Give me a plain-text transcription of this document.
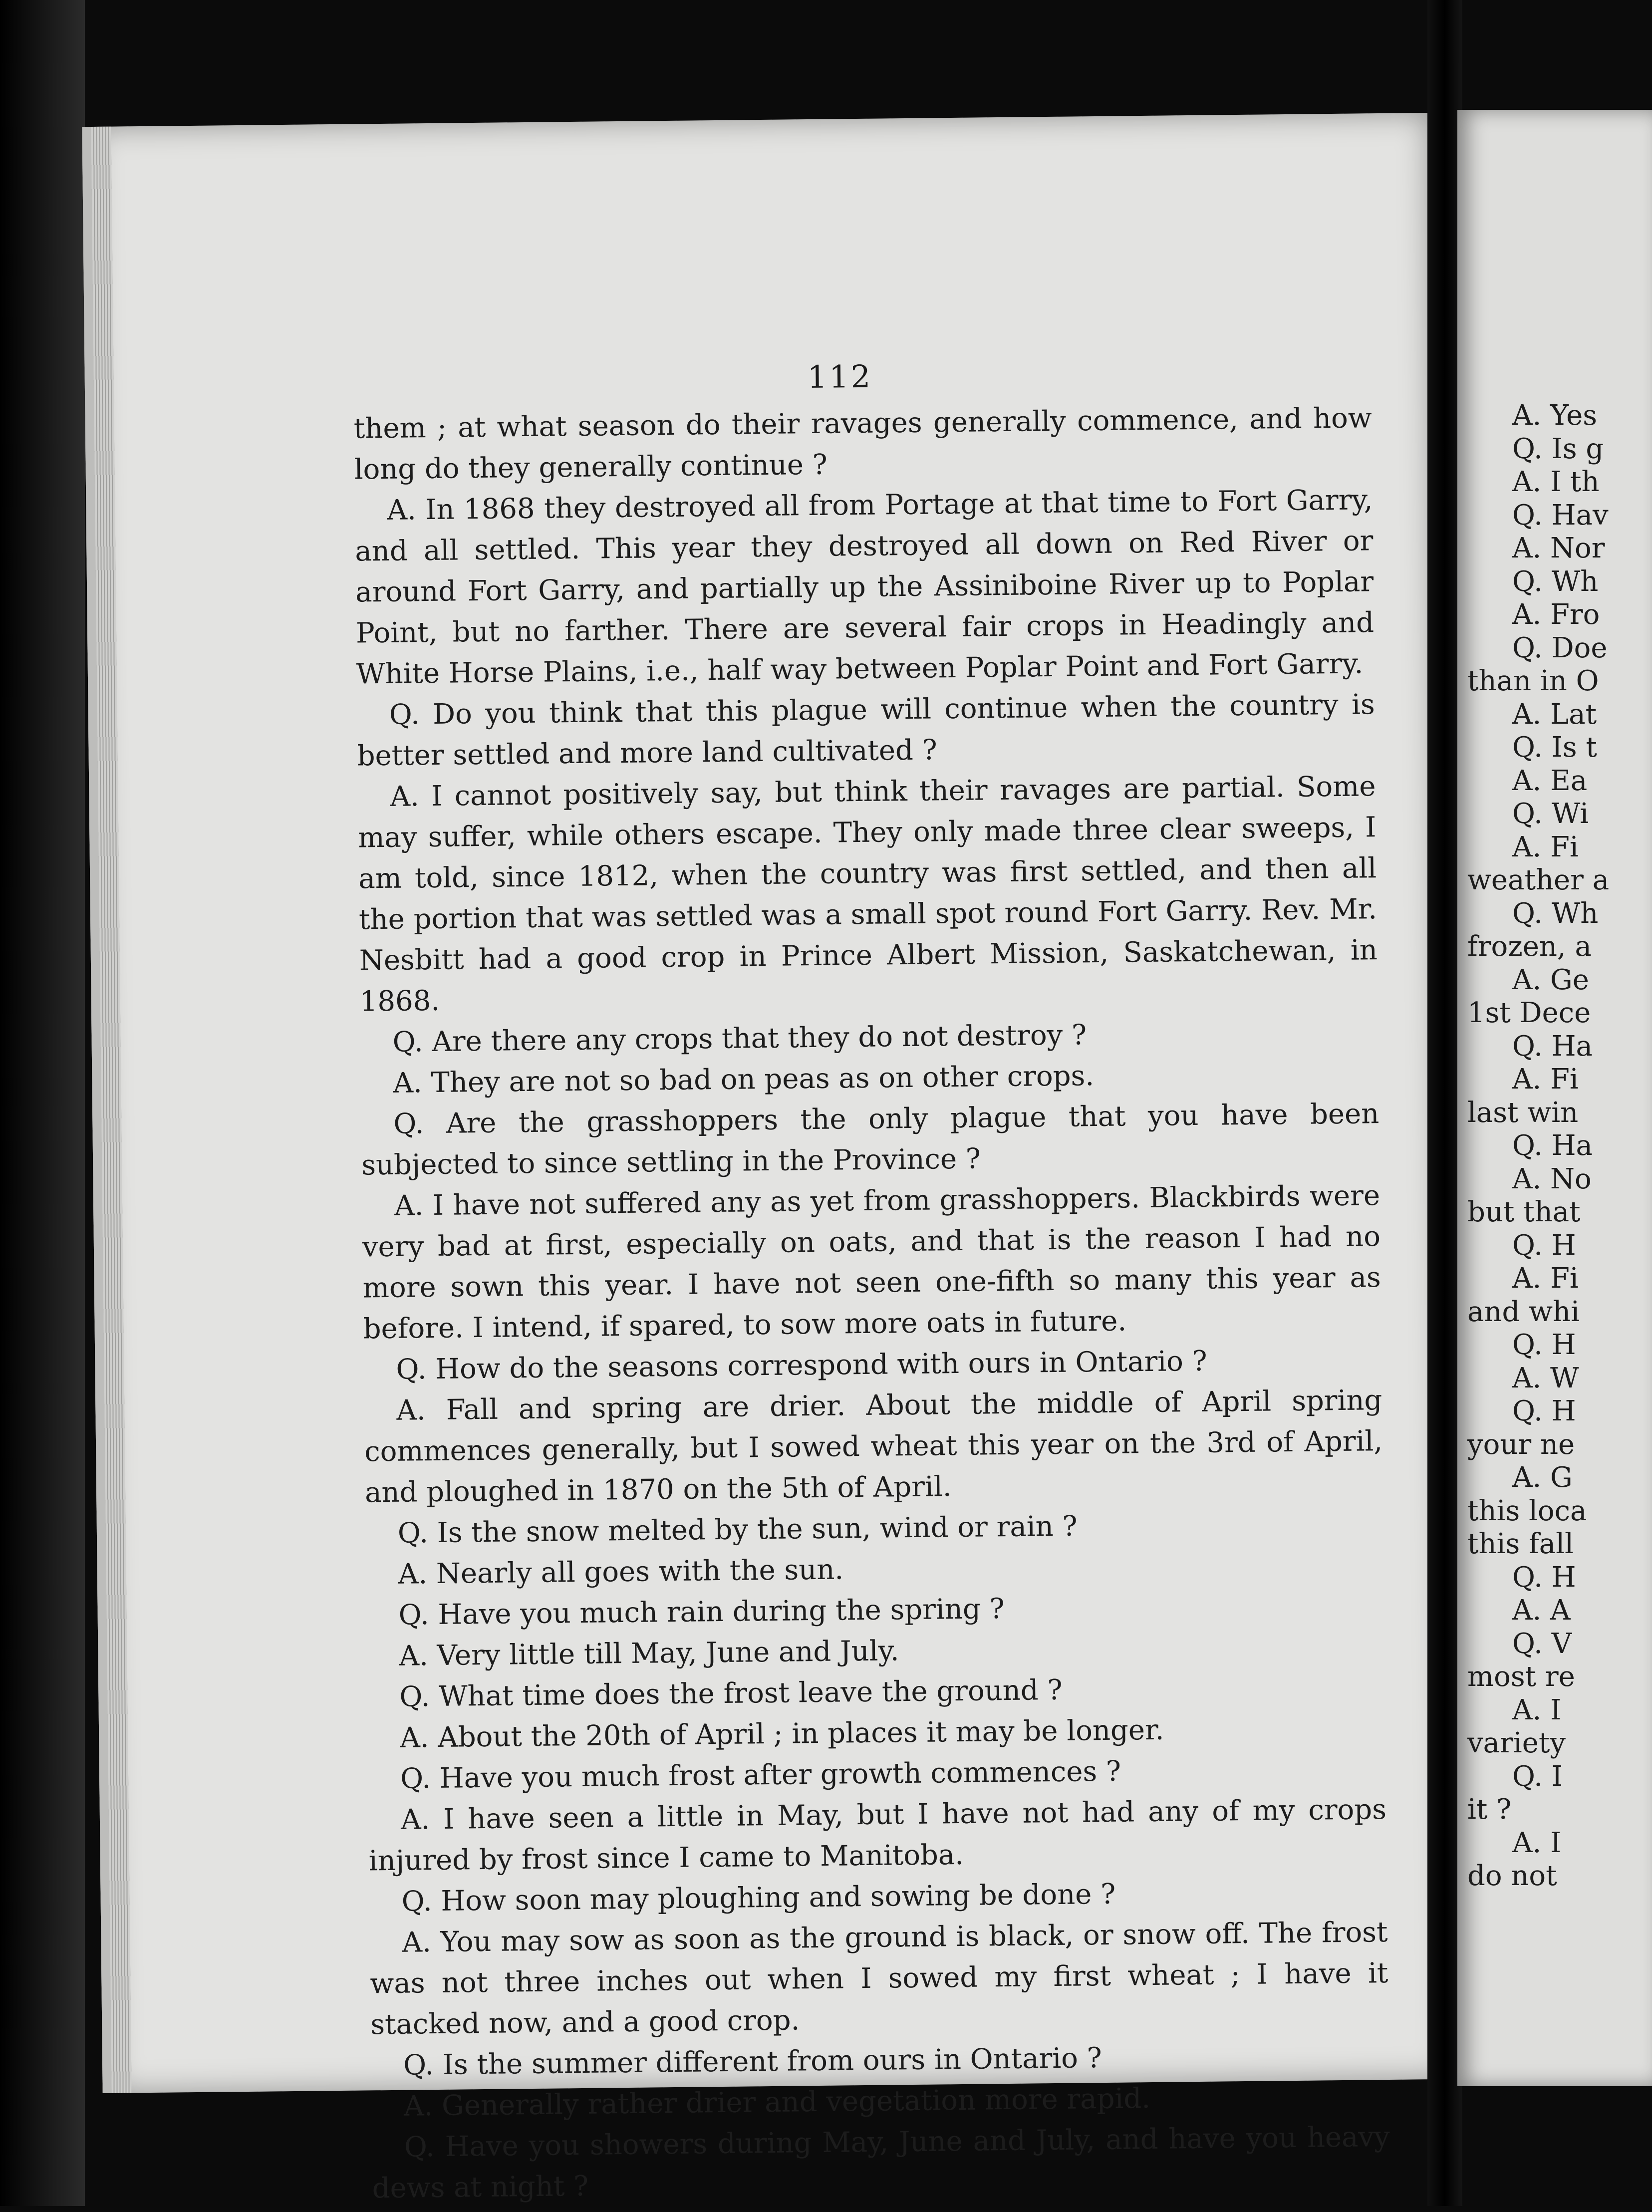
112

them ; at what season do their ravages generally commence, and how long do they generally continue ?

A. In 1868 they destroyed all from Portage at that time to Fort Garry, and all settled. This year they destroyed all down on Red River or around Fort Garry, and partially up the Assiniboine River up to Poplar Point, but no farther. There are several fair crops in Headingly and White Horse Plains, i.e., half way between Poplar Point and Fort Garry.

Q. Do you think that this plague will continue when the country is better settled and more land cultivated ?

A. I cannot positively say, but think their ravages are partial. Some may suffer, while others escape. They only made three clear sweeps, I am told, since 1812, when the country was first settled, and then all the portion that was settled was a small spot round Fort Garry. Rev. Mr. Nesbitt had a good crop in Prince Albert Mission, Saskatchewan, in 1868.

Q. Are there any crops that they do not destroy ?

A. They are not so bad on peas as on other crops.

Q. Are the grasshoppers the only plague that you have been subjected to since settling in the Province ?

A. I have not suffered any as yet from grasshoppers. Blackbirds were very bad at first, especially on oats, and that is the reason I had no more sown this year. I have not seen one-fifth so many this year as before. I intend, if spared, to sow more oats in future.

Q. How do the seasons correspond with ours in Ontario ?

A. Fall and spring are drier. About the middle of April spring commences generally, but I sowed wheat this year on the 3rd of April, and ploughed in 1870 on the 5th of April.

Q. Is the snow melted by the sun, wind or rain ?

A. Nearly all goes with the sun.

Q. Have you much rain during the spring ?

A. Very little till May, June and July.

Q. What time does the frost leave the ground ?

A. About the 20th of April ; in places it may be longer.

Q. Have you much frost after growth commences ?

A. I have seen a little in May, but I have not had any of my crops injured by frost since I came to Manitoba.

Q. How soon may ploughing and sowing be done ?

A. You may sow as soon as the ground is black, or snow off. The frost was not three inches out when I sowed my first wheat ; I have it stacked now, and a good crop.

Q. Is the summer different from ours in Ontario ?

A. Generally rather drier and vegetation more rapid.

Q. Have you showers during May, June and July, and have you heavy dews at night ?

A. Yes
Q. Is g
A. I th
Q. Hav
A. Nor
Q. Wh
A. Fro
Q. Doe
than in O
A. Lat
Q. Is t
A. Ea
Q. Wi
A. Fi
weather a
Q. Wh
frozen, a
A. Ge
1st Dece
Q. Ha
A. Fi
last win
Q. Ha
A. No
but that
Q. H
A. Fi
and whi
Q. H
A. W
Q. H
your ne
A. G
this loca
this fall
Q. H
A. A
Q. V
most re
A. I
variety
Q. I
it ?
A. I
do not
